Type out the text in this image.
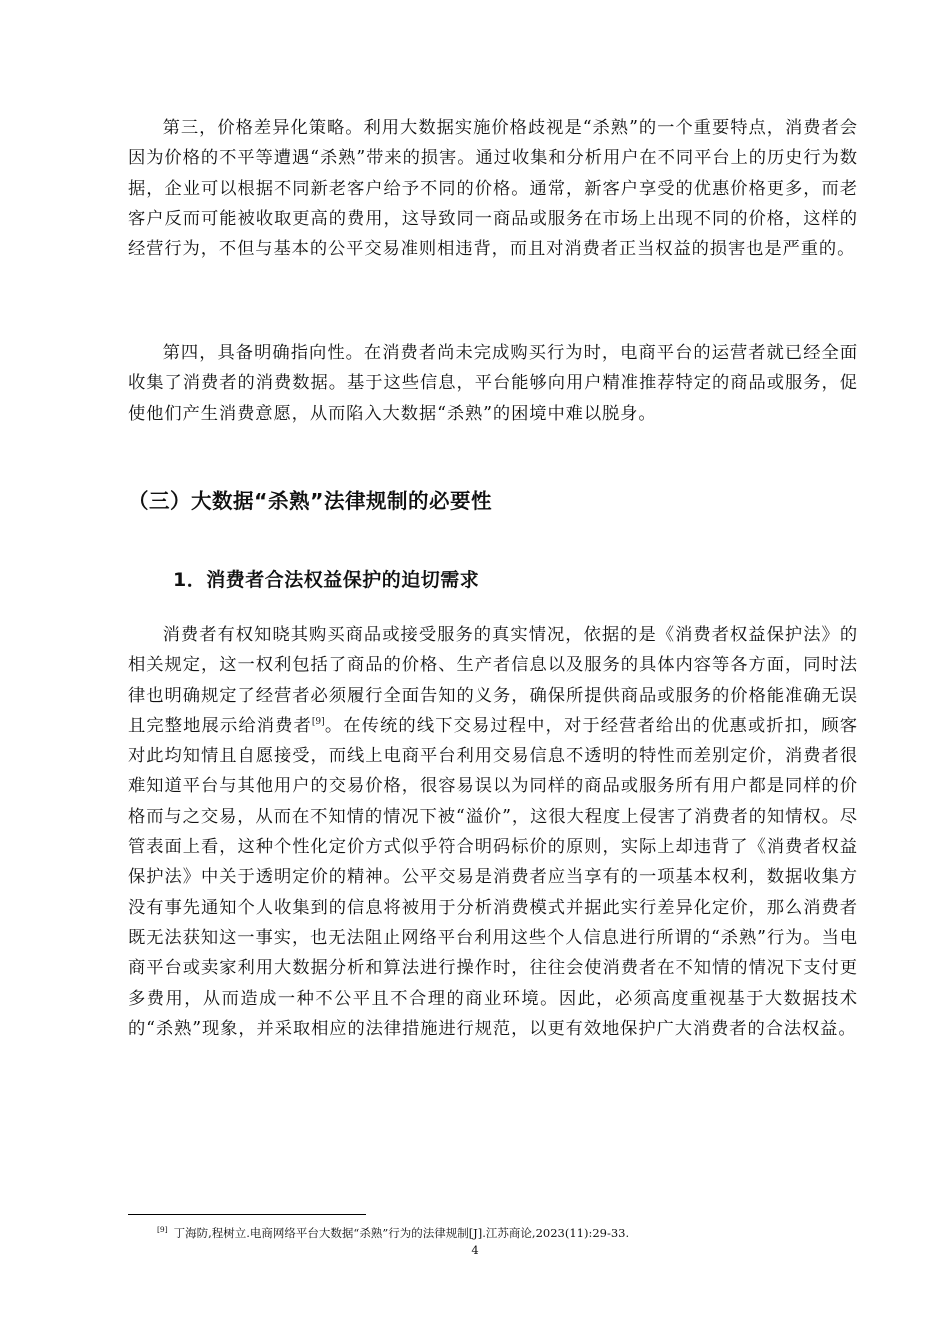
第三，价格差异化策略。利用大数据实施价格歧视是“杀熟”的一个重要特点，消费者会因为价格的不平等遭遇“杀熟”带来的损害。通过收集和分析用户在不同平台上的历史行为数据，企业可以根据不同新老客户给予不同的价格。通常，新客户享受的优惠价格更多，而老客户反而可能被收取更高的费用，这导致同一商品或服务在市场上出现不同的价格，这样的经营行为，不但与基本的公平交易准则相违背，而且对消费者正当权益的损害也是严重的。

第四，具备明确指向性。在消费者尚未完成购买行为时，电商平台的运营者就已经全面收集了消费者的消费数据。基于这些信息，平台能够向用户精准推荐特定的商品或服务，促使他们产生消费意愿，从而陷入大数据“杀熟”的困境中难以脱身。

（三）大数据“杀熟”法律规制的必要性
1．消费者合法权益保护的迫切需求

消费者有权知晓其购买商品或接受服务的真实情况，依据的是《消费者权益保护法》的相关规定，这一权利包括了商品的价格、生产者信息以及服务的具体内容等各方面，同时法律也明确规定了经营者必须履行全面告知的义务，确保所提供商品或服务的价格能准确无误且完整地展示给消费者[9]。在传统的线下交易过程中，对于经营者给出的优惠或折扣，顾客对此均知情且自愿接受，而线上电商平台利用交易信息不透明的特性而差别定价，消费者很难知道平台与其他用户的交易价格，很容易误以为同样的商品或服务所有用户都是同样的价格而与之交易，从而在不知情的情况下被“溢价”，这很大程度上侵害了消费者的知情权。尽管表面上看，这种个性化定价方式似乎符合明码标价的原则，实际上却违背了《消费者权益保护法》中关于透明定价的精神。公平交易是消费者应当享有的一项基本权利，数据收集方没有事先通知个人收集到的信息将被用于分析消费模式并据此实行差异化定价，那么消费者既无法获知这一事实，也无法阻止网络平台利用这些个人信息进行所谓的“杀熟”行为。当电商平台或卖家利用大数据分析和算法进行操作时，往往会使消费者在不知情的情况下支付更多费用，从而造成一种不公平且不合理的商业环境。因此，必须高度重视基于大数据技术的“杀熟”现象，并采取相应的法律措施进行规范，以更有效地保护广大消费者的合法权益。

[9] 丁海防,程树立.电商网络平台大数据“杀熟”行为的法律规制[J].江苏商论,2023(11):29-33.

4
